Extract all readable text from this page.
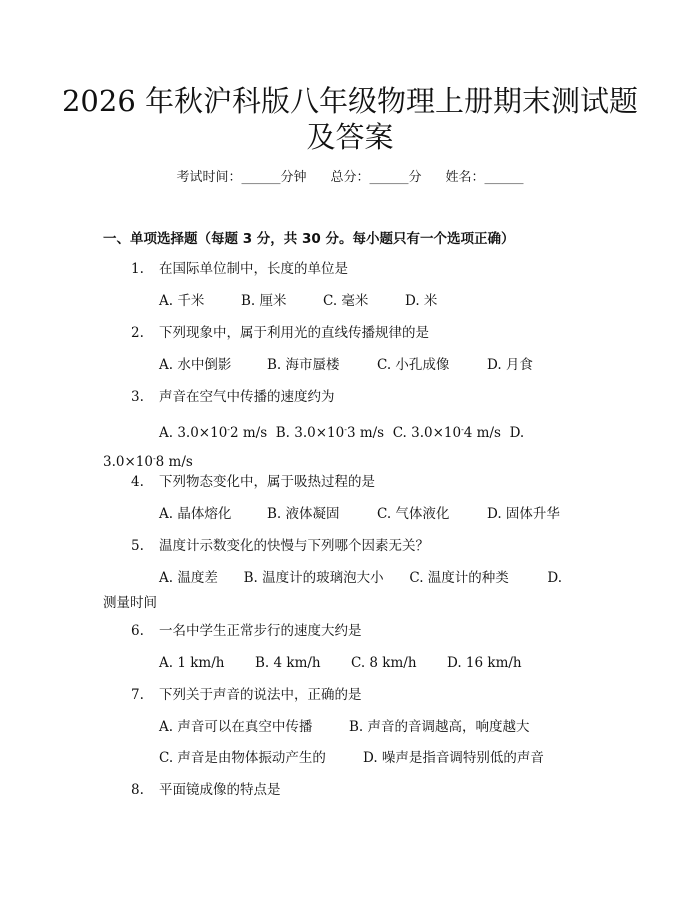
2026 年秋沪科版八年级物理上册期末测试题
及答案
考试时间：______分钟 总分：______分 姓名：______
一、单项选择题（每题 3 分，共 30 分。每小题只有一个选项正确）
1. 在国际单位制中，长度的单位是
A. 千米	B. 厘米	C. 毫米	D. 米
2. 下列现象中，属于利用光的直线传播规律的是
A. 水中倒影	B. 海市蜃楼	C. 小孔成像	D. 月食
3. 声音在空气中传播的速度约为
A. 3.0×10-2 m/s B. 3.0×10-3 m/s C. 3.0×10-4 m/s D. 3.0×10-8 m/s
4. 下列物态变化中，属于吸热过程的是
A. 晶体熔化	B. 液体凝固	C. 气体液化	D. 固体升华
5. 温度计示数变化的快慢与下列哪个因素无关？
A. 温度差 B. 温度计的玻璃泡大小 C. 温度计的种类	D. 测量时间
6. 一名中学生正常步行的速度大约是
A. 1 km/h B. 4 km/h C. 8 km/h D. 16 km/h
7. 下列关于声音的说法中，正确的是
A. 声音可以在真空中传播	B. 声音的音调越高，响度越大
C. 声音是由物体振动产生的	D. 噪声是指音调特别低的声音
8. 平面镜成像的特点是
